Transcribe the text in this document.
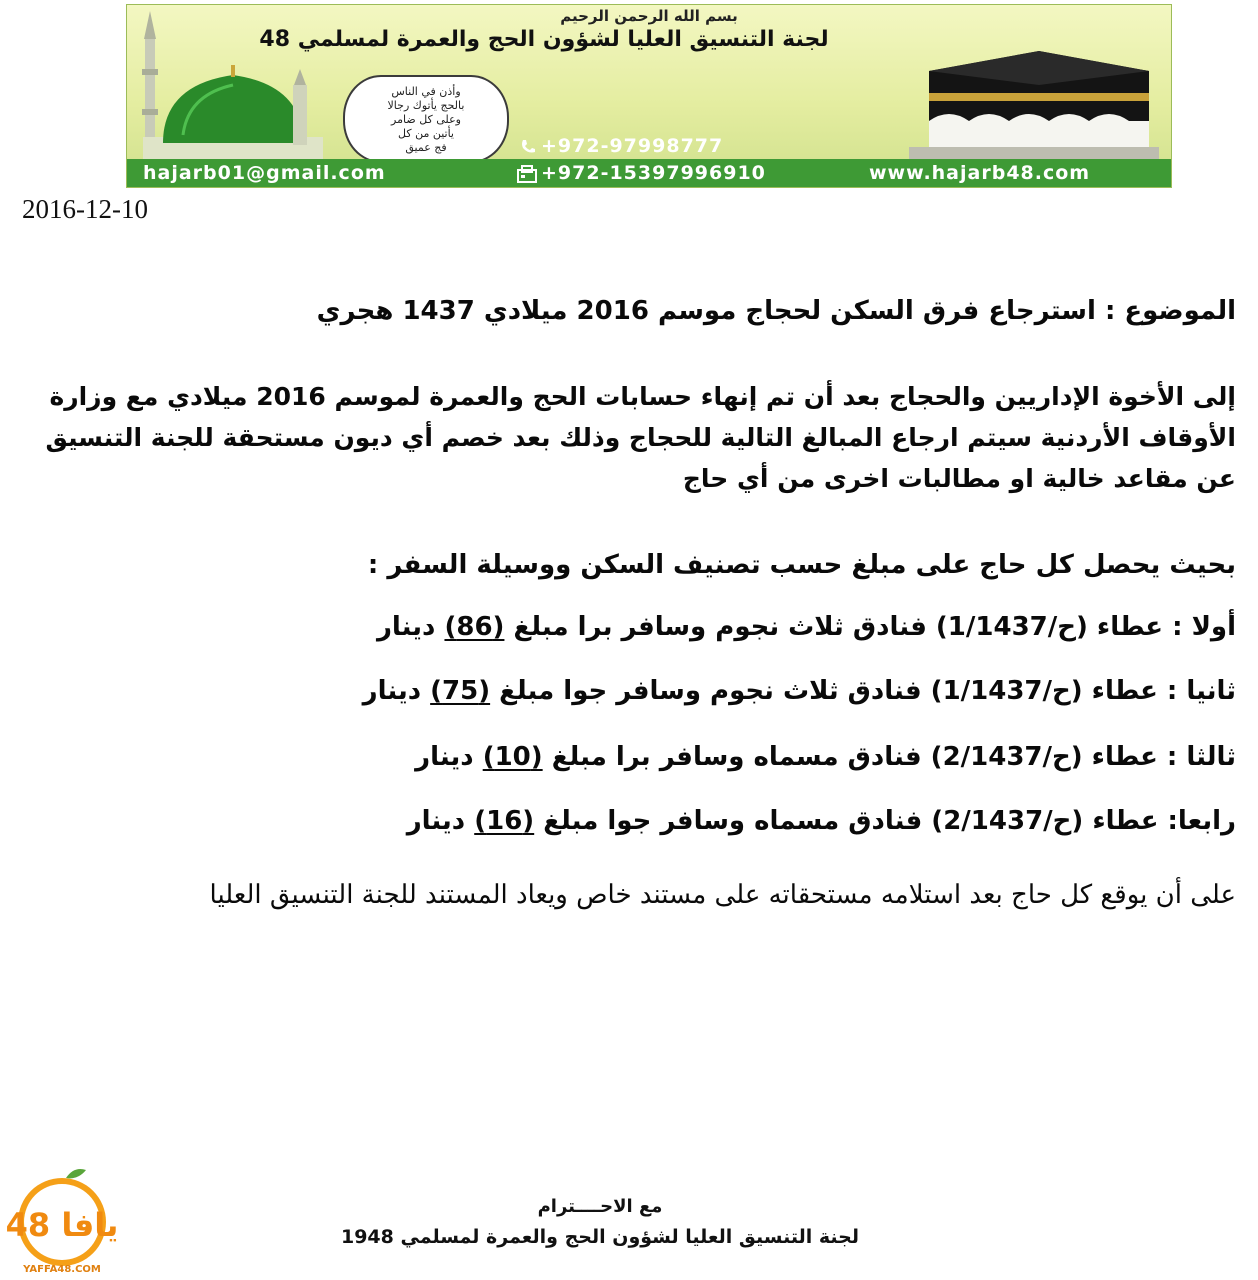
بسم الله الرحمن الرحيم
لجنة التنسيق العليا لشؤون الحج والعمرة لمسلمي 48
وأذن في الناس
بالحج يأتوك رجالا
وعلى كل ضامر
يأتين من كل
فج عميق	+972-97998777
+972-15397996910
hajarb01@gmail.com	www.hajarb48.com
2016-12-10
الموضوع : استرجاع فرق السكن لحجاج موسم 2016 ميلادي 1437 هجري
إلى الأخوة الإداريين والحجاج بعد أن تم إنهاء حسابات الحج والعمرة لموسم 2016 ميلادي مع وزارة الأوقاف الأردنية سيتم ارجاع المبالغ التالية للحجاج وذلك بعد خصم أي ديون مستحقة للجنة التنسيق عن مقاعد خالية او مطالبات اخرى من أي حاج
بحيث يحصل كل حاج على مبلغ حسب تصنيف السكن ووسيلة السفر :
أولا : عطاء (ح/1/1437) فنادق ثلاث نجوم وسافر برا مبلغ (86) دينار
ثانيا : عطاء (ح/1/1437) فنادق ثلاث نجوم وسافر جوا مبلغ (75) دينار
ثالثا : عطاء (ح/2/1437) فنادق مسماه وسافر برا مبلغ (10) دينار
رابعا: عطاء (ح/2/1437) فنادق مسماه وسافر جوا مبلغ (16) دينار
على أن يوقع كل حاج بعد استلامه مستحقاته على مستند خاص ويعاد المستند للجنة التنسيق العليا
مع الاحــــترام
لجنة التنسيق العليا لشؤون الحج والعمرة لمسلمي 1948
يافا 48
YAFFA48.COM
